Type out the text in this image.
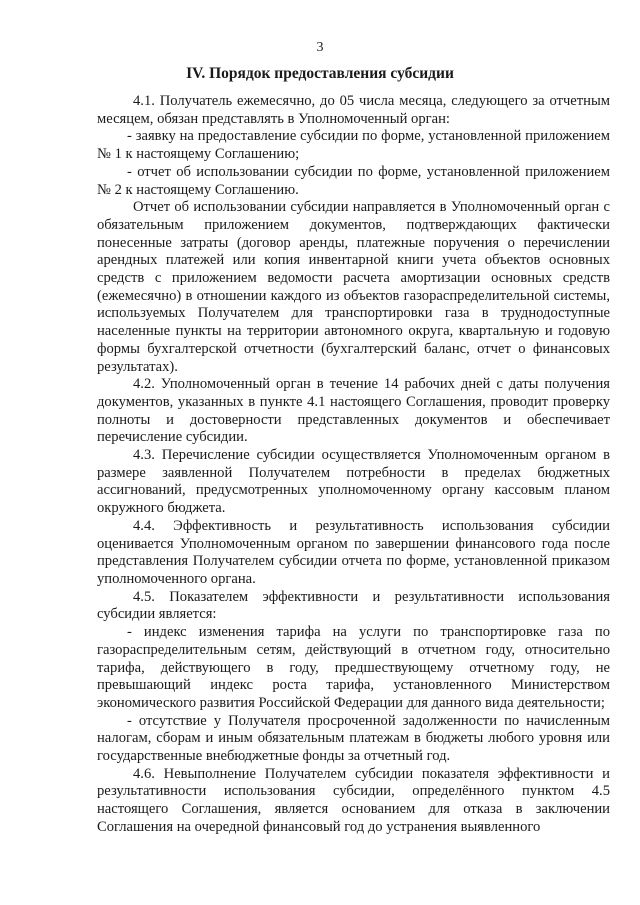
3
IV. Порядок предоставления субсидии

4.1. Получатель ежемесячно, до 05 числа месяца, следующего за отчетным месяцем, обязан представлять в Уполномоченный орган:

- заявку на предоставление субсидии по форме, установленной приложением № 1 к настоящему Соглашению;

- отчет об использовании субсидии по форме, установленной приложением № 2 к настоящему Соглашению.

Отчет об использовании субсидии направляется в Уполномоченный орган с обязательным приложением документов, подтверждающих фактически понесенные затраты (договор аренды, платежные поручения о перечислении арендных платежей или копия инвентарной книги учета объектов основных средств с приложением ведомости расчета амортизации основных средств (ежемесячно) в отношении каждого из объектов газораспределительной системы, используемых Получателем для транспортировки газа в труднодоступные населенные пункты на территории автономного округа, квартальную и годовую формы бухгалтерской отчетности (бухгалтерский баланс, отчет о финансовых результатах).

4.2. Уполномоченный орган в течение 14 рабочих дней с даты получения документов, указанных в пункте 4.1 настоящего Соглашения, проводит проверку полноты и достоверности представленных документов и обеспечивает перечисление субсидии.

4.3. Перечисление субсидии осуществляется Уполномоченным органом в размере заявленной Получателем потребности в пределах бюджетных ассигнований, предусмотренных уполномоченному органу кассовым планом окружного бюджета.

4.4. Эффективность и результативность использования субсидии оценивается Уполномоченным органом по завершении финансового года после представления Получателем субсидии отчета по форме, установленной приказом уполномоченного органа.

4.5. Показателем эффективности и результативности использования субсидии является:

- индекс изменения тарифа на услуги по транспортировке газа по газораспределительным сетям, действующий в отчетном году, относительно тарифа, действующего в году, предшествующему отчетному году, не превышающий индекс роста тарифа, установленного Министерством экономического развития Российской Федерации для данного вида деятельности;

- отсутствие у Получателя просроченной задолженности по начисленным налогам, сборам и иным обязательным платежам в бюджеты любого уровня или государственные внебюджетные фонды за отчетный год.

4.6. Невыполнение Получателем субсидии показателя эффективности и результативности использования субсидии, определённого пунктом 4.5 настоящего Соглашения, является основанием для отказа в заключении Соглашения на очередной финансовый год до устранения выявленного
